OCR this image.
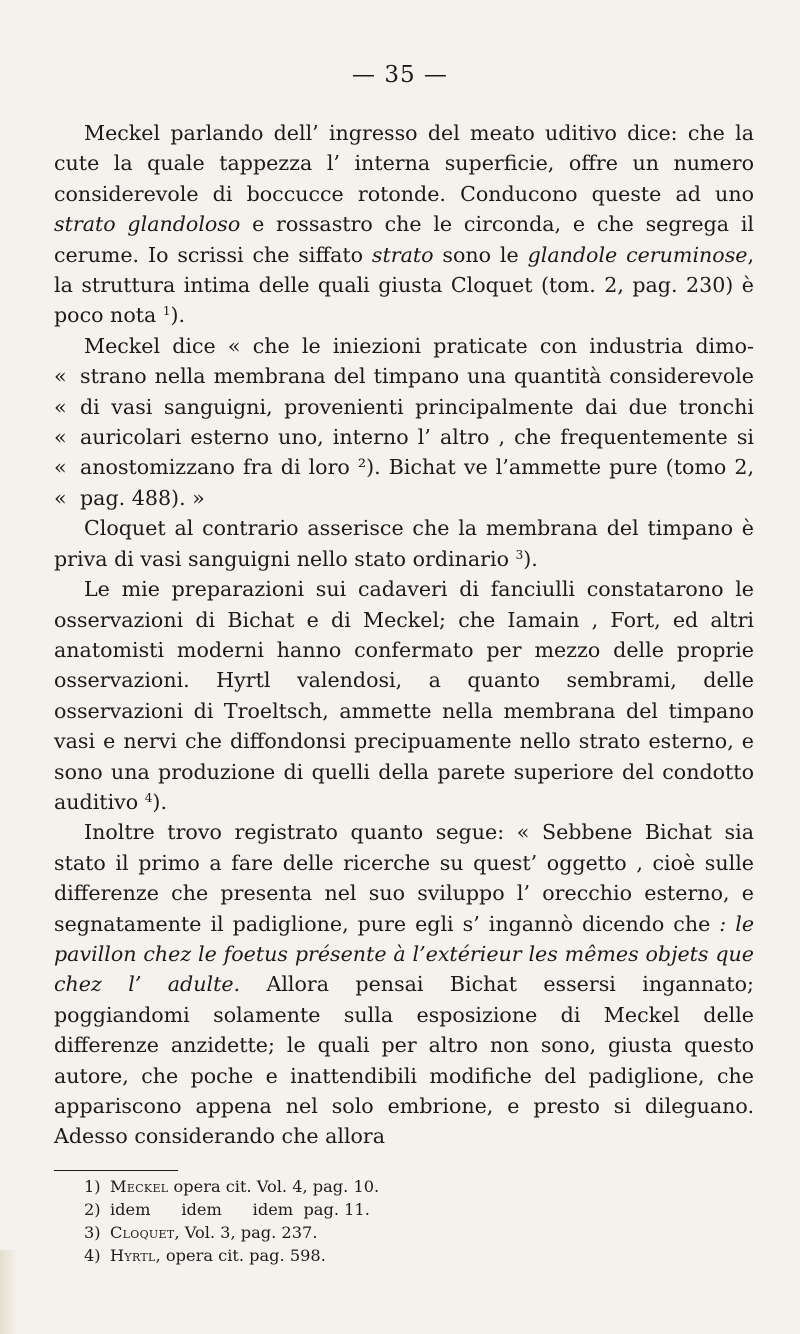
— 35 —

Meckel parlando dell’ ingresso del meato uditivo dice: che la cute la quale tappezza l’ interna superficie, offre un numero considerevole di boccucce rotonde. Conducono queste ad uno strato glandoloso e rossastro che le circonda, e che segrega il cerume. Io scrissi che siffato strato sono le glandole ceruminose, la struttura intima delle quali giusta Cloquet (tom. 2, pag. 230) è poco nota $^1$).

Meckel dice « che le iniezioni praticate con industria dimo-
« strano nella membrana del timpano una quantità considerevole
« di vasi sanguigni, provenienti principalmente dai due tronchi
« auricolari esterno uno, interno l’ altro , che frequentemente si
« anostomizzano fra di loro ²). Bichat ve l’ammette pure (tomo 2,
« pag. 488). »

Cloquet al contrario asserisce che la membrana del timpano è priva di vasi sanguigni nello stato ordinario $^3$).

Le mie preparazioni sui cadaveri di fanciulli constatarono le osservazioni di Bichat e di Meckel; che Iamain , Fort, ed altri anatomisti moderni hanno confermato per mezzo delle proprie osservazioni. Hyrtl valendosi, a quanto sembrami, delle osservazioni di Troeltsch, ammette nella membrana del timpano vasi e nervi che diffondonsi precipuamente nello strato esterno, e sono una produzione di quelli della parete superiore del condotto auditivo $^4$).

Inoltre trovo registrato quanto segue: « Sebbene Bichat sia stato il primo a fare delle ricerche su quest’ oggetto , cioè sulle differenze che presenta nel suo sviluppo l’ orecchio esterno, e segnatamente il padiglione, pure egli s’ ingannò dicendo che : le pavillon chez le foetus présente à l’extérieur les mêmes objets que chez l’ adulte. Allora pensai Bichat essersi ingannato; poggiandomi solamente sulla esposizione di Meckel delle differenze anzidette; le quali per altro non sono, giusta questo autore, che poche e inattendibili modifiche del padiglione, che appariscono appena nel solo embrione, e presto si dileguano. Adesso considerando che allora

1) Meckel opera cit. Vol. 4, pag. 10.
2) idem      idem      idem  pag. 11.
3) Cloquet, Vol. 3, pag. 237.
4) Hyrtl, opera cit. pag. 598.
